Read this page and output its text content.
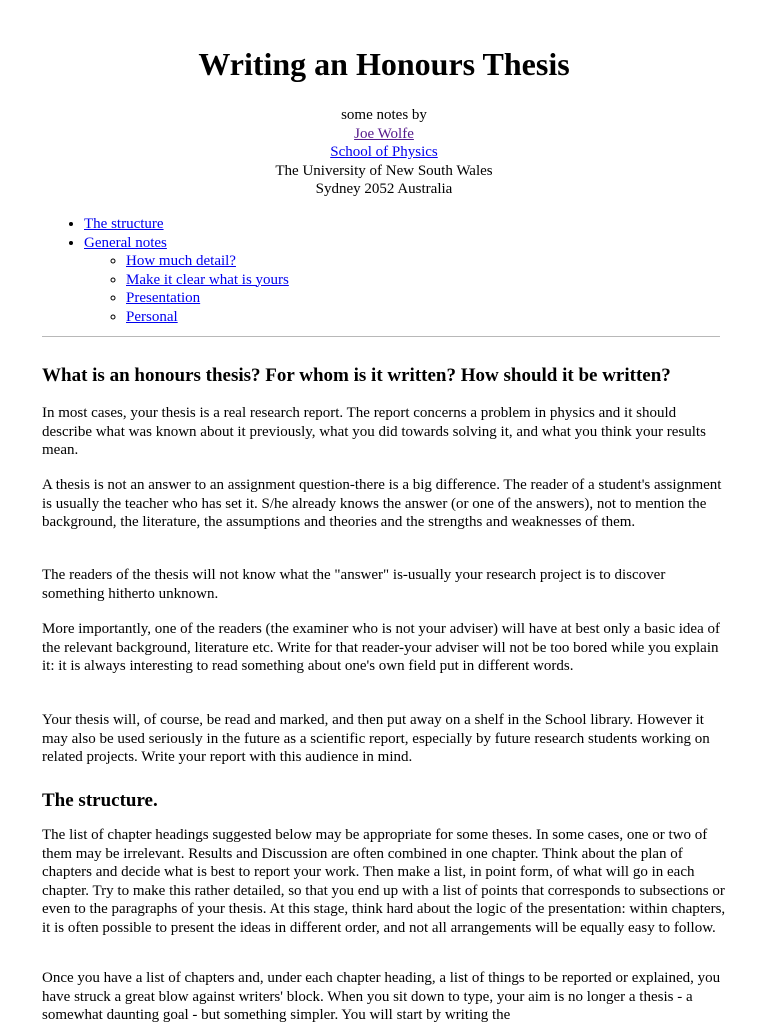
Writing an Honours Thesis
some notes by
Joe Wolfe
School of Physics
The University of New South Wales
Sydney 2052 Australia
• The structure
• General notes
◦ How much detail?
◦ Make it clear what is yours
◦ Presentation
◦ Personal
What is an honours thesis? For whom is it written? How should it be written?

In most cases, your thesis is a real research report. The report concerns a problem in physics and it should describe what was known about it previously, what you did towards solving it, and what you think your results mean.

A thesis is not an answer to an assignment question-there is a big difference. The reader of a student's assignment is usually the teacher who has set it. S/he already knows the answer (or one of the answers), not to mention the background, the literature, the assumptions and theories and the strengths and weaknesses of them.

The readers of the thesis will not know what the "answer" is-usually your research project is to discover something hitherto unknown.

More importantly, one of the readers (the examiner who is not your adviser) will have at best only a basic idea of the relevant background, literature etc. Write for that reader-your adviser will not be too bored while you explain it: it is always interesting to read something about one's own field put in different words.

Your thesis will, of course, be read and marked, and then put away on a shelf in the School library. However it may also be used seriously in the future as a scientific report, especially by future research students working on related projects. Write your report with this audience in mind.

The structure.

The list of chapter headings suggested below may be appropriate for some theses. In some cases, one or two of them may be irrelevant. Results and Discussion are often combined in one chapter. Think about the plan of chapters and decide what is best to report your work. Then make a list, in point form, of what will go in each chapter. Try to make this rather detailed, so that you end up with a list of points that corresponds to subsections or even to the paragraphs of your thesis. At this stage, think hard about the logic of the presentation: within chapters, it is often possible to present the ideas in different order, and not all arrangements will be equally easy to follow.

Once you have a list of chapters and, under each chapter heading, a list of things to be reported or explained, you have struck a great blow against writers' block. When you sit down to type, your aim is no longer a thesis - a somewhat daunting goal - but something simpler. You will start by writing the
